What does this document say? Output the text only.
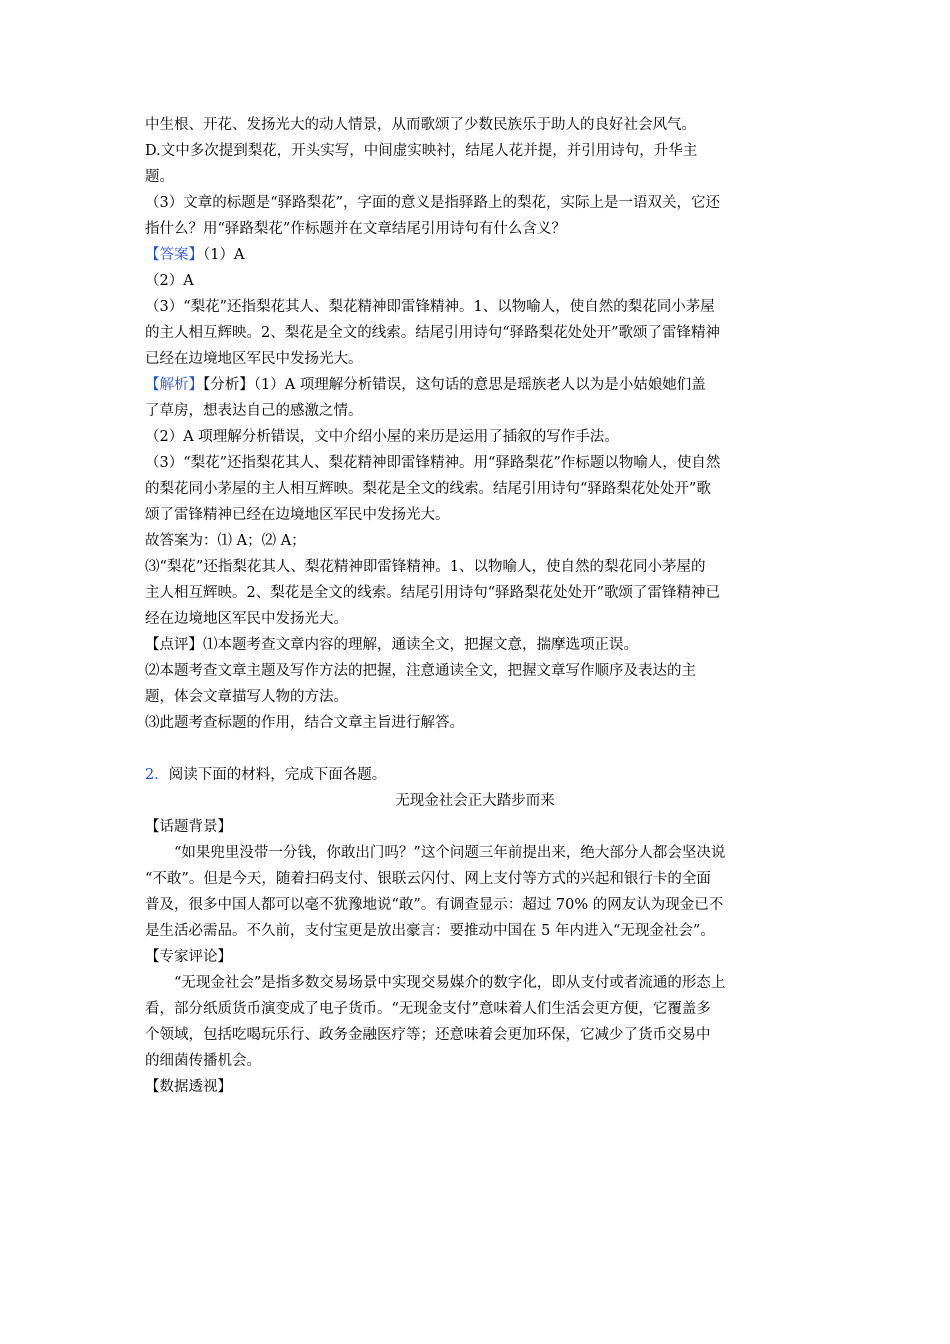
中生根、开花、发扬光大的动人情景，从而歌颂了少数民族乐于助人的良好社会风气。
D.文中多次提到梨花，开头实写，中间虚实映衬，结尾人花并提，并引用诗句，升华主
题。
（3）文章的标题是“驿路梨花”，字面的意义是指驿路上的梨花，实际上是一语双关，它还
指什么？用“驿路梨花”作标题并在文章结尾引用诗句有什么含义？
【答案】（1）A
（2）A
（3）“梨花”还指梨花其人、梨花精神即雷锋精神。1、以物喻人，使自然的梨花同小茅屋
的主人相互辉映。2、梨花是全文的线索。结尾引用诗句“驿路梨花处处开”歌颂了雷锋精神
已经在边境地区军民中发扬光大。
【解析】【分析】（1）A 项理解分析错误，这句话的意思是瑶族老人以为是小姑娘她们盖
了草房，想表达自己的感激之情。
（2）A 项理解分析错误，文中介绍小屋的来历是运用了插叙的写作手法。
（3）“梨花”还指梨花其人、梨花精神即雷锋精神。用“驿路梨花”作标题以物喻人，使自然
的梨花同小茅屋的主人相互辉映。梨花是全文的线索。结尾引用诗句“驿路梨花处处开”歌
颂了雷锋精神已经在边境地区军民中发扬光大。
故答案为：⑴ A；⑵ A；
⑶“梨花”还指梨花其人、梨花精神即雷锋精神。1、以物喻人，使自然的梨花同小茅屋的
主人相互辉映。2、梨花是全文的线索。结尾引用诗句“驿路梨花处处开”歌颂了雷锋精神已
经在边境地区军民中发扬光大。
【点评】⑴本题考查文章内容的理解，通读全文，把握文意，揣摩选项正误。
⑵本题考查文章主题及写作方法的把握，注意通读全文，把握文章写作顺序及表达的主
题，体会文章描写人物的方法。
⑶此题考查标题的作用，结合文章主旨进行解答。
2．阅读下面的材料，完成下面各题。
无现金社会正大踏步而来
【话题背景】
“如果兜里没带一分钱，你敢出门吗？”这个问题三年前提出来，绝大部分人都会坚决说
“不敢”。但是今天，随着扫码支付、银联云闪付、网上支付等方式的兴起和银行卡的全面
普及，很多中国人都可以毫不犹豫地说“敢”。有调查显示：超过 70% 的网友认为现金已不
是生活必需品。不久前，支付宝更是放出豪言：要推动中国在 5 年内进入“无现金社会”。
【专家评论】
“无现金社会”是指多数交易场景中实现交易媒介的数字化，即从支付或者流通的形态上
看，部分纸质货币演变成了电子货币。“无现金支付”意味着人们生活会更方便，它覆盖多
个领域，包括吃喝玩乐行、政务金融医疗等；还意味着会更加环保，它减少了货币交易中
的细菌传播机会。
【数据透视】
